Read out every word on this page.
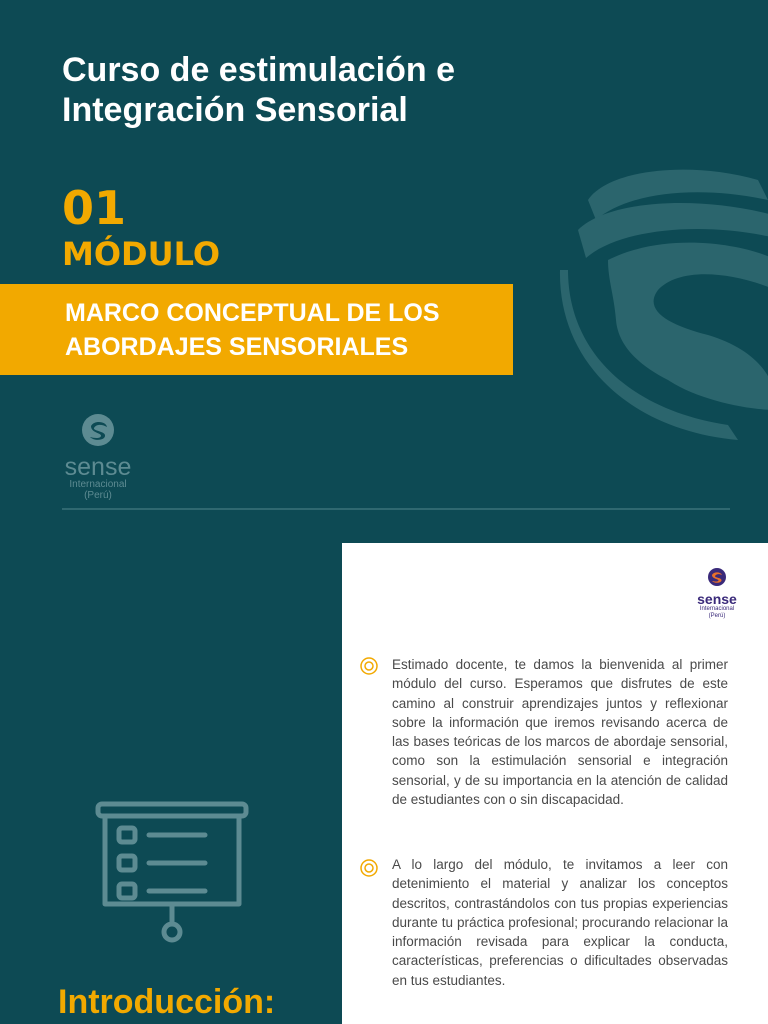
Curso de estimulación e
Integración Sensorial
01
MÓDULO
MARCO CONCEPTUAL DE LOS
ABORDAJES SENSORIALES
sense
Internacional
(Perú)
Introducción:
sense
Internacional
(Perú)

Estimado docente, te damos la bienvenida al primer módulo del curso. Esperamos que disfrutes de este camino al construir aprendizajes juntos y reflexionar sobre la información que iremos revisando acerca de las bases teóricas de los marcos de abordaje sensorial, como son la estimulación sensorial e integración sensorial, y de su importancia en la atención de calidad de estudiantes con o sin discapacidad.

A lo largo del módulo, te invitamos a leer con detenimiento el material y analizar los conceptos descritos, contrastándolos con tus propias experiencias durante tu práctica profesional; procurando relacionar la información revisada para explicar la conducta, características, preferencias o dificultades observadas en tus estudiantes.
